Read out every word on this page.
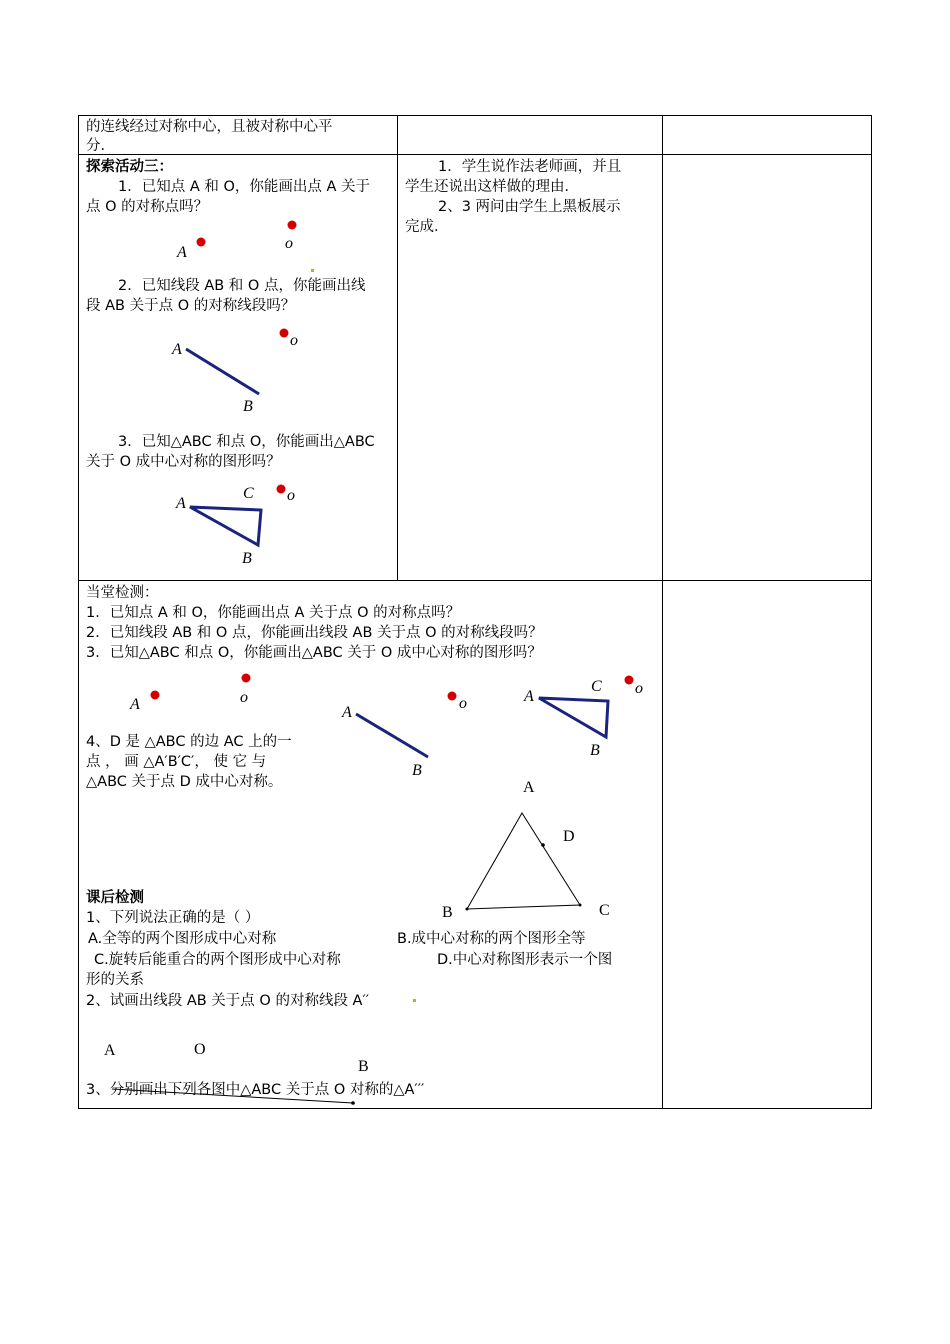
的连线经过对称中心，且被对称中心平
分．
探索活动三：
1．已知点 A 和 O，你能画出点 A 关于
点 O 的对称点吗？
A
o
2．已知线段 AB 和 O 点，你能画出线
段 AB 关于点 O 的对称线段吗？
A
B
o
3．已知△ABC 和点 O，你能画出△ABC
关于 O 成中心对称的图形吗？
A
C
B
o
1．学生说作法老师画，并且
学生还说出这样做的理由．
2、3 两问由学生上黑板展示
完成．
当堂检测：
1．已知点 A 和 O，你能画出点 A 关于点 O 的对称点吗？
2．已知线段 AB 和 O 点，你能画出线段 AB 关于点 O 的对称线段吗？
3．已知△ABC 和点 O，你能画出△ABC 关于 O 成中心对称的图形吗？
A	o
A
B
o	A
C
B
o
4、D 是 △ABC 的边 AC 上的一
点 ， 画 △A′B′C′， 使 它 与
△ABC 关于点 D 成中心对称。	A
D
B	C
课后检测
1、下列说法正确的是（ ）
A.全等的两个图形成中心对称	B.成中心对称的两个图形全等
C.旋转后能重合的两个图形成中心对称	D.中心对称图形表示一个图
形的关系
2、试画出线段 AB 关于点 O 的对称线段 A′′
A	O
B
3、分别画出下列各图中△ABC 关于点 O 对称的△A′′′
